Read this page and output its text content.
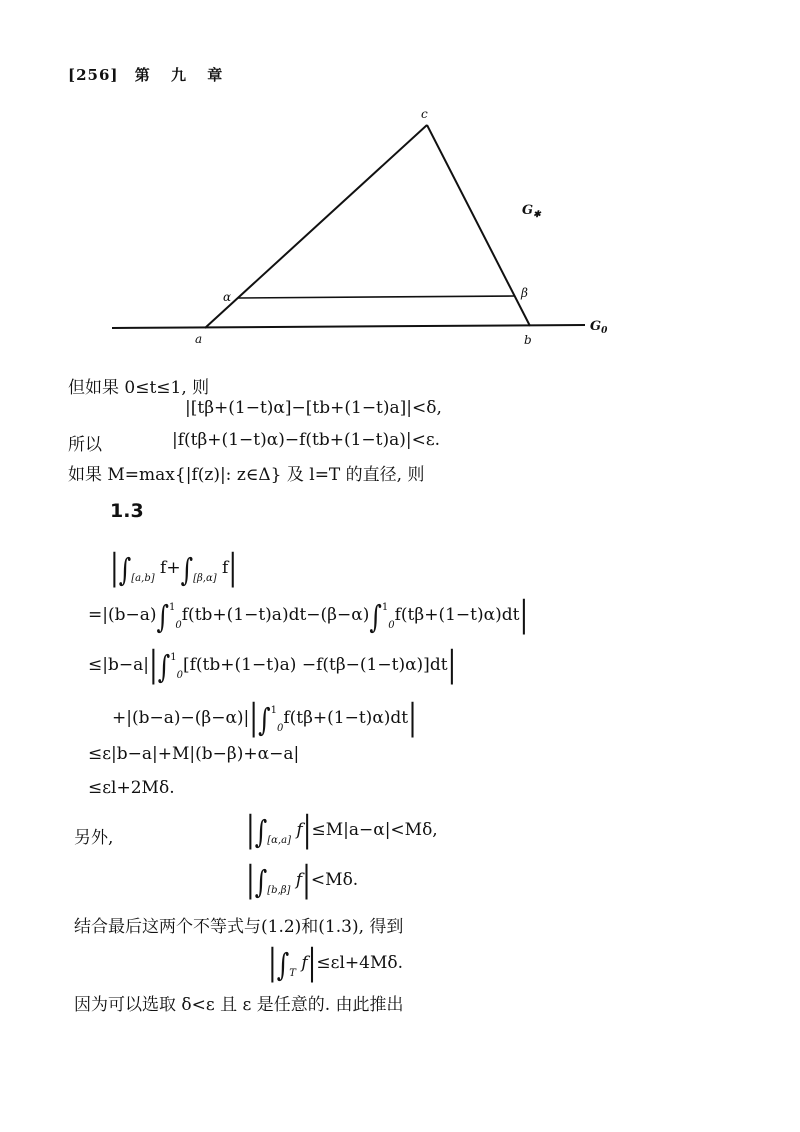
[256] 第 九 章
c
a	b
α	β
$G_✱$
$G_0$
但如果 0≤t≤1, 则
|[tβ+(1−t)α]−[tb+(1−t)a]|<δ,
所以	|f(tβ+(1−t)α)−f(tb+(1−t)a)|<ε.
如果 M=max{|f(z)|: z∈Δ} 及 l=T 的直径, 则
1.3
$|\int_{[a,b]}$ $f+\int_{[\beta,\alpha]}$ f|
=|(b−a)∫$^1_0$f(tb+(1−t)a)dt−(β−α)∫$^1_0$f(tβ+(1−t)α)dt|
≤|b−a||∫$^1_0$[f(tb+(1−t)a) −f(tβ−(1−t)α)]dt|
+|(b−a)−(β−α)||∫$^1_0$f(tβ+(1−t)α)dt|
≤ε|b−a|+M|(b−β)+α−a|
≤εl+2Mδ.
另外,	$|\int_{[\alpha,a]}$ f|≤M|a−α|<Mδ,
$|\int_{[b,\beta]}$ f|<Mδ.
结合最后这两个不等式与(1.2)和(1.3), 得到
$|\int_T$ f|≤εl+4Mδ.
因为可以选取 δ<ε 且 ε 是任意的. 由此推出
